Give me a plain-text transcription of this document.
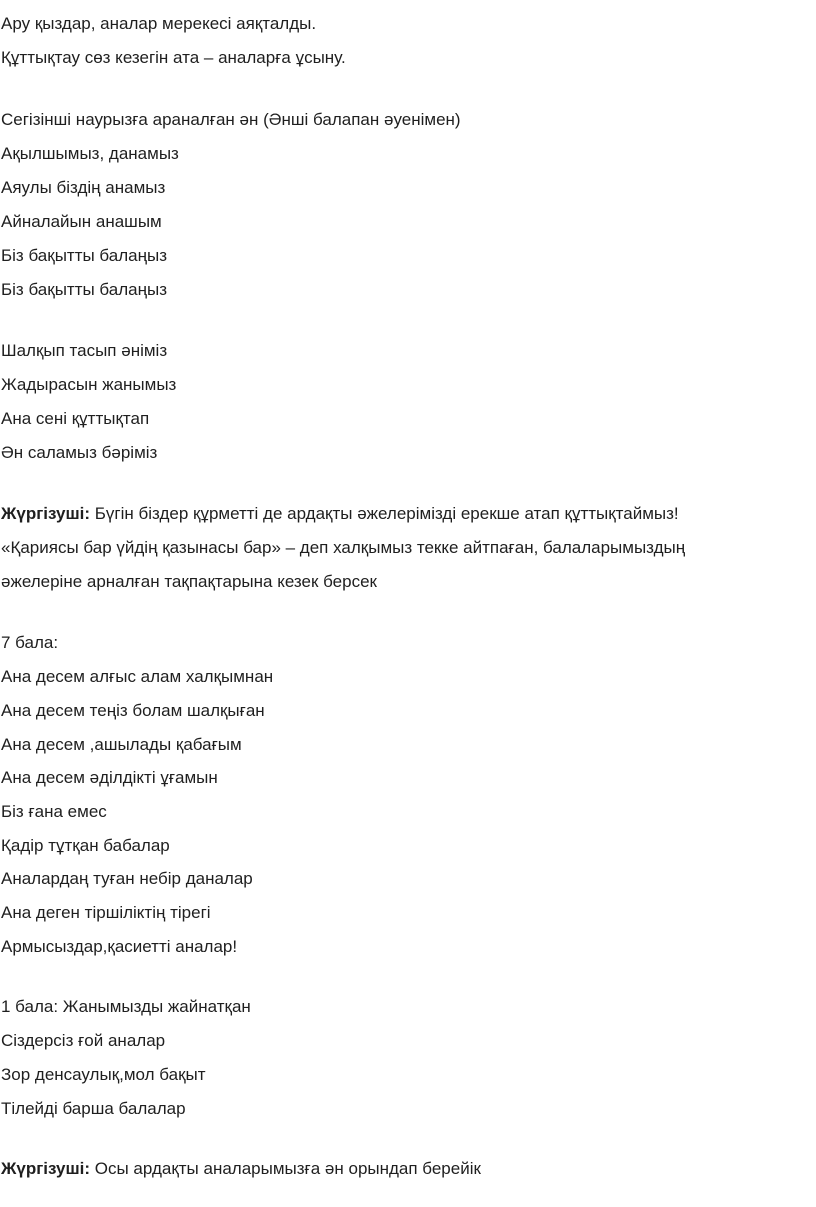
Ару қыздар, аналар мерекесі аяқталды.
Құттықтау сөз кезегін ата – аналарға ұсыну.
Сегізінші наурызға араналған ән (Әнші балапан әуенімен)
Ақылшымыз, данамыз
Аяулы біздің анамыз
Айналайын анашым
Біз бақытты балаңыз
Біз бақытты балаңыз
Шалқып тасып әніміз
Жадырасын жанымыз
Ана сені құттықтап
Ән саламыз бәріміз
Жүргізуші: Бүгін біздер құрметті де ардақты әжелерімізді ерекше атап құттықтаймыз!
«Қариясы бар үйдің қазынасы бар» – деп халқымыз текке айтпаған, балаларымыздың
әжелеріне арналған тақпақтарына кезек берсек
7 бала:
Ана десем алғыс алам халқымнан
Ана десем теңіз болам шалқыған
Ана десем ,ашылады қабағым
Ана десем әділдікті ұғамын
Біз ғана емес
Қадір тұтқан бабалар
Аналардаң туған небір даналар
Ана деген тіршіліктің тірегі
Армысыздар,қасиетті аналар!
1 бала: Жанымызды жайнатқан
Сіздерсіз ғой аналар
Зор денсаулық,мол бақыт
Тілейді барша балалар
Жүргізуші: Осы ардақты аналарымызға ән орындап берейік
